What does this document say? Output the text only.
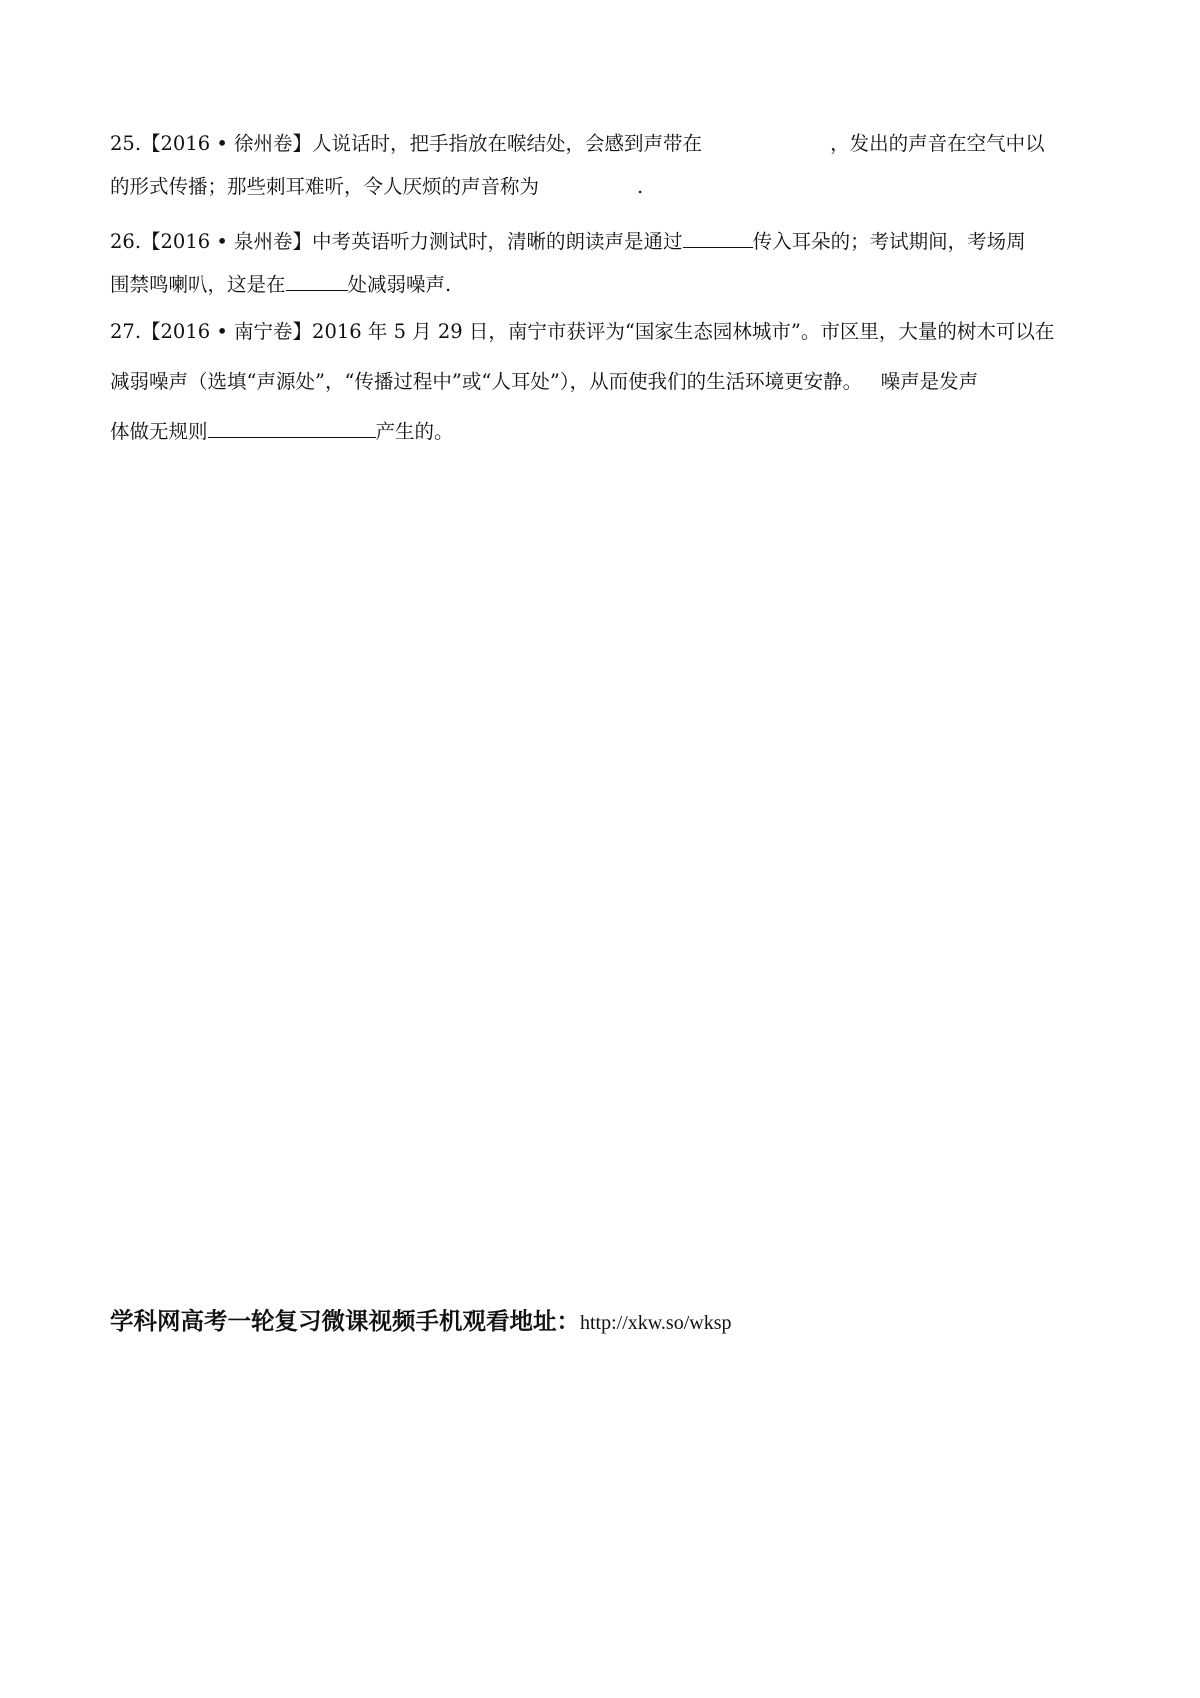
25.【2016 • 徐州卷】人说话时，把手指放在喉结处，会感到声带在	，发出的声音在空气中以
的形式传播；那些刺耳难听，令人厌烦的声音称为	.
26.【2016 • 泉州卷】中考英语听力测试时，清晰的朗读声是通过	传入耳朵的；考试期间，考场周
围禁鸣喇叭，这是在	处减弱噪声.
27.【2016 • 南宁卷】2016 年 5 月 29 日，南宁市获评为“国家生态园林城市”。市区里，大量的树木可以在
减弱噪声（选填“声源处”，“传播过程中”或“人耳处”），从而使我们的生活环境更安静。   噪声是发声
体做无规则	产生的。
学科网高考一轮复习微课视频手机观看地址：http://xkw.so/wksp
